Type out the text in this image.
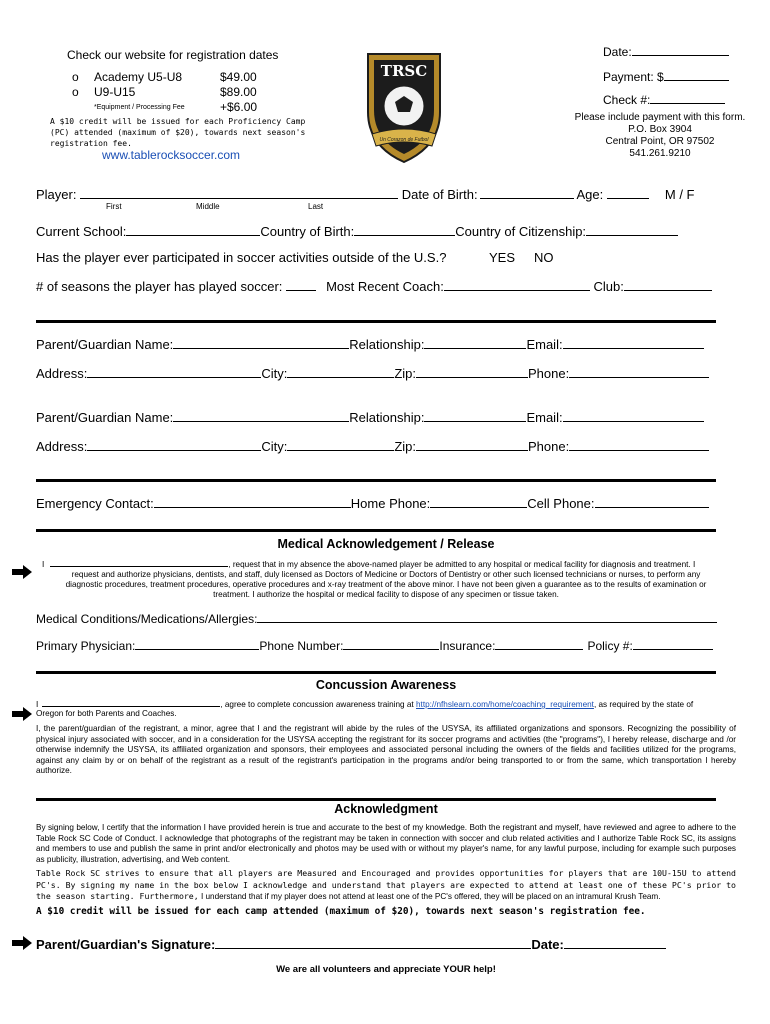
Check our website for registration dates
o Academy U5-U8	$49.00
o U9-U15	$89.00
*Equipment / Processing Fee	+$6.00
A $10 credit will be issued for each Proficiency Camp (PC) attended (maximum of $20), towards next season's registration fee.
www.tablerocksoccer.com
TRSC
Un Corazon de Futbol
Date:
Payment: $
Check #:
Please include payment with this form.
P.O. Box 3904
Central Point, OR 97502
541.261.9210
Player:	Date of Birth:	Age:	M / F
First	Middle	Last
Current School:	Country of Birth:	Country of Citizenship:
Has the player ever participated in soccer activities outside of the U.S.?	YES NO
# of seasons the player has played soccer:	Most Recent Coach:	Club:
Parent/Guardian Name:	Relationship:	Email:
Address:	City:	Zip:	Phone:
Parent/Guardian Name:	Relationship:	Email:
Address:	City:	Zip:	Phone:
Emergency Contact:	Home Phone:	Cell Phone:
Medical Acknowledgement / Release
I	, request that in my absence the above-named player be admitted to any hospital or medical facility for diagnosis and treatment. I
request and authorize physicians, dentists, and staff, duly licensed as Doctors of Medicine or Doctors of Dentistry or other such licensed technicians or nurses, to perform any
diagnostic procedures, treatment procedures, operative procedures and x-ray treatment of the above minor. I have not been given a guarantee as to the results of examination or
treatment. I authorize the hospital or medical facility to dispose of any specimen or tissue taken.
Medical Conditions/Medications/Allergies:
Primary Physician:	Phone Number:	Insurance:	Policy #:
Concussion Awareness
I	, agree to complete concussion awareness training at http://nfhslearn.com/home/coaching_requirement, as required by the state of
Oregon for both Parents and Coaches.
I, the parent/guardian of the registrant, a minor, agree that I and the registrant will abide by the rules of the USYSA, its affiliated organizations and sponsors. Recognizing the possibility of physical injury associated with soccer, and in a consideration for the USYSA accepting the registrant for its soccer programs and activities (the "programs"), I hereby release, discharge and /or otherwise indemnify the USYSA, its affiliated organization and sponsors, their employees and associated personal including the owners of the fields and facilities utilized for the programs, against any claim by or on behalf of the registrant as a result of the registrant's participation in the programs and/or being transported to or from the same, which transportation I hereby authorize.
Acknowledgment
By signing below, I certify that the information I have provided herein is true and accurate to the best of my knowledge. Both the registrant and myself, have reviewed and agree to adhere to the Table Rock SC Code of Conduct. I acknowledge that photographs of the registrant may be taken in connection with soccer and club related activities and I authorize Table Rock SC, its assigns and members to use and publish the same in print and/or electronically and photos may be used with or without my player's name, for any lawful purpose, including for example such purposes as publicity, illustration, advertising, and Web content.
Table Rock SC strives to ensure that all players are Measured and Encouraged and provides opportunities for players that are 10U-15U to attend PC's. By signing my name in the box below I acknowledge and understand that players are expected to attend at least one of these PC's prior to the season starting. Furthermore, I understand that if my player does not attend at least one of the PC's offered, they will be placed on an intramural Krush Team.
A $10 credit will be issued for each camp attended (maximum of $20), towards next season's registration fee.
Parent/Guardian's Signature:	Date:
We are all volunteers and appreciate YOUR help!
